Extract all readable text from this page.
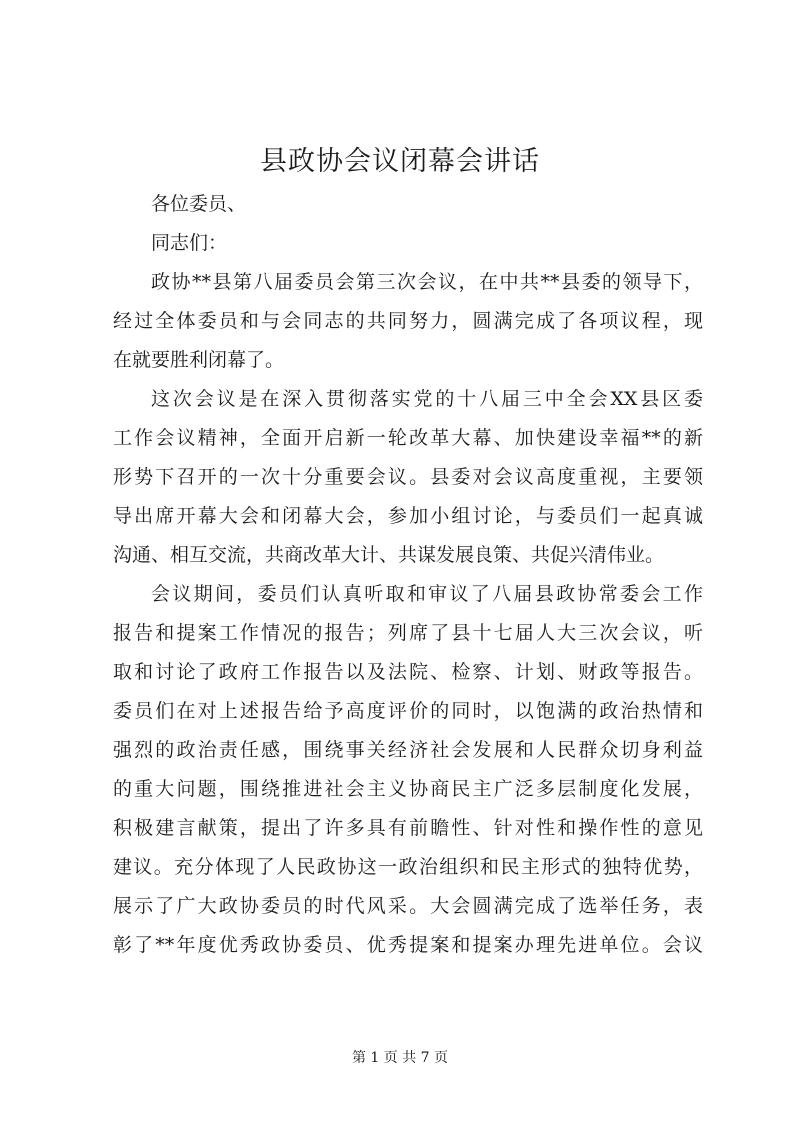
县政协会议闭幕会讲话
各位委员、
同志们：
政协**县第八届委员会第三次会议，在中共**县委的领导下，
经过全体委员和与会同志的共同努力，圆满完成了各项议程，现
在就要胜利闭幕了。
这次会议是在深入贯彻落实党的十八届三中全会XX县区委
工作会议精神，全面开启新一轮改革大幕、加快建设幸福**的新
形势下召开的一次十分重要会议。县委对会议高度重视，主要领
导出席开幕大会和闭幕大会，参加小组讨论，与委员们一起真诚
沟通、相互交流，共商改革大计、共谋发展良策、共促兴清伟业。
会议期间，委员们认真听取和审议了八届县政协常委会工作
报告和提案工作情况的报告；列席了县十七届人大三次会议，听
取和讨论了政府工作报告以及法院、检察、计划、财政等报告。
委员们在对上述报告给予高度评价的同时，以饱满的政治热情和
强烈的政治责任感，围绕事关经济社会发展和人民群众切身利益
的重大问题，围绕推进社会主义协商民主广泛多层制度化发展，
积极建言献策，提出了许多具有前瞻性、针对性和操作性的意见
建议。充分体现了人民政协这一政治组织和民主形式的独特优势，
展示了广大政协委员的时代风采。大会圆满完成了选举任务，表
彰了**年度优秀政协委员、优秀提案和提案办理先进单位。会议
第 1 页 共 7 页
